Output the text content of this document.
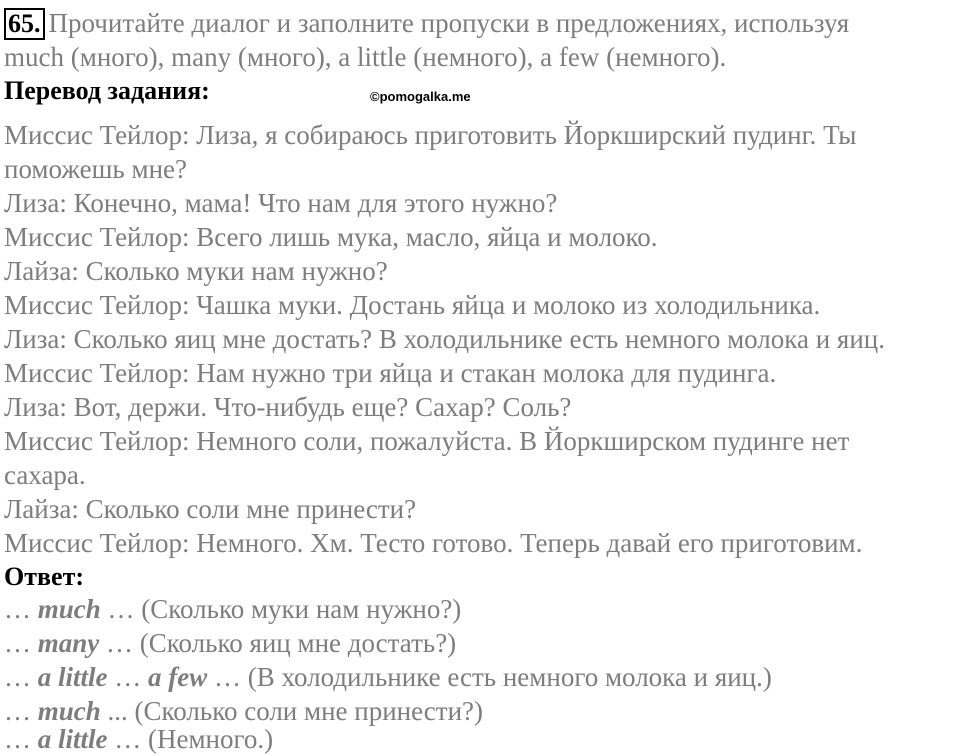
65. Прочитайте диалог и заполните пропуски в предложениях, используя
much (много), many (много), a little (немного), a few (немного).
Перевод задания:	©pomogalka.me
Миссис Тейлор: Лиза, я собираюсь приготовить Йоркширский пудинг. Ты
поможешь мне?
Лиза: Конечно, мама! Что нам для этого нужно?
Миссис Тейлор: Всего лишь мука, масло, яйца и молоко.
Лайза: Сколько муки нам нужно?
Миссис Тейлор: Чашка муки. Достань яйца и молоко из холодильника.
Лиза: Сколько яиц мне достать? В холодильнике есть немного молока и яиц.
Миссис Тейлор: Нам нужно три яйца и стакан молока для пудинга.
Лиза: Вот, держи. Что-нибудь еще? Сахар? Соль?
Миссис Тейлор: Немного соли, пожалуйста. В Йоркширском пудинге нет
сахара.
Лайза: Сколько соли мне принести?
Миссис Тейлор: Немного. Хм. Тесто готово. Теперь давай его приготовим.
Ответ:
… much … (Сколько муки нам нужно?)
… many … (Сколько яиц мне достать?)
… a little … a few … (В холодильнике есть немного молока и яиц.)
… much ... (Сколько соли мне принести?)
… a little … (Немного.)
